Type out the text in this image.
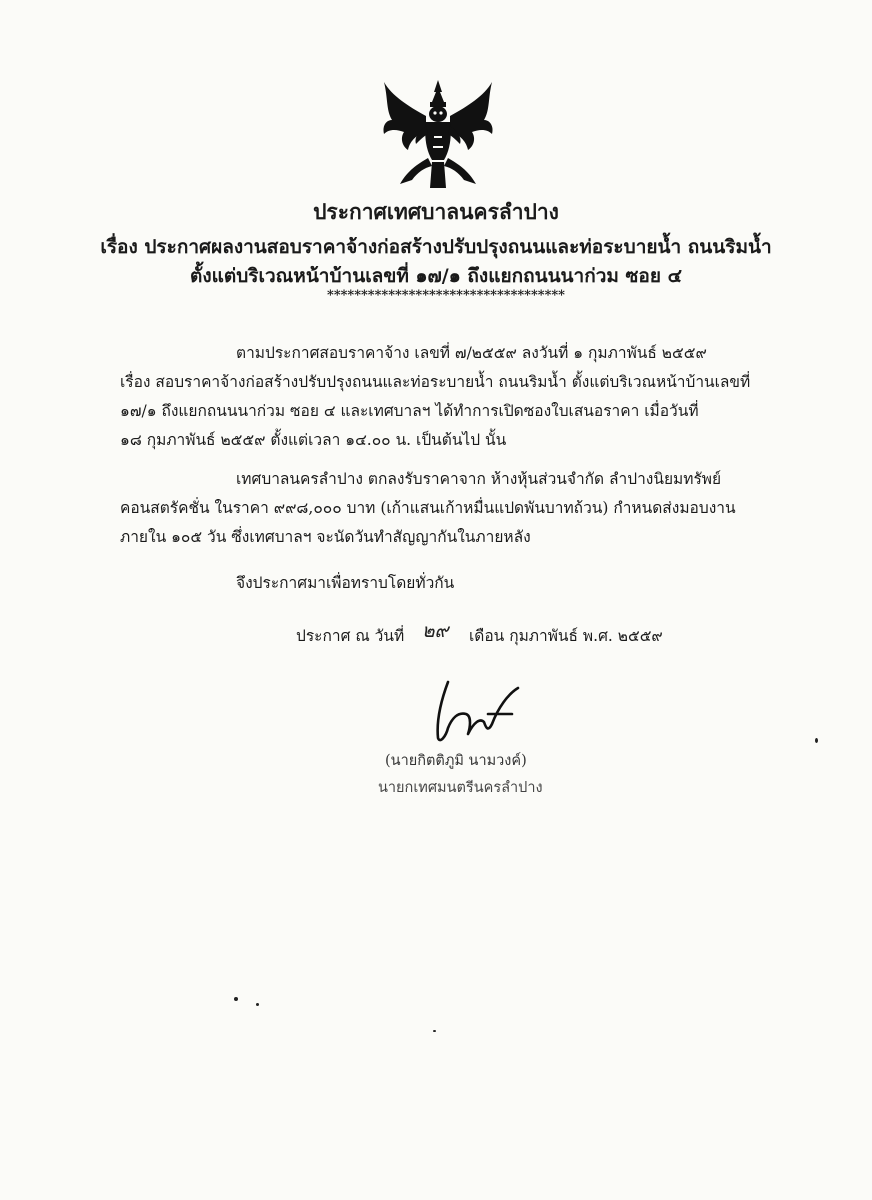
ประกาศเทศบาลนครลำปาง
เรื่อง ประกาศผลงานสอบราคาจ้างก่อสร้างปรับปรุงถนนและท่อระบายน้ำ ถนนริมน้ำ
ตั้งแต่บริเวณหน้าบ้านเลขที่ ๑๗/๑ ถึงแยกถนนนาก่วม ซอย ๔
***********************************
ตามประกาศสอบราคาจ้าง เลขที่ ๗/๒๕๕๙ ลงวันที่ ๑ กุมภาพันธ์ ๒๕๕๙
เรื่อง สอบราคาจ้างก่อสร้างปรับปรุงถนนและท่อระบายน้ำ ถนนริมน้ำ ตั้งแต่บริเวณหน้าบ้านเลขที่
๑๗/๑ ถึงแยกถนนนาก่วม ซอย ๔ และเทศบาลฯ ได้ทำการเปิดซองใบเสนอราคา เมื่อวันที่
๑๘ กุมภาพันธ์ ๒๕๕๙ ตั้งแต่เวลา ๑๔.๐๐ น. เป็นต้นไป นั้น
เทศบาลนครลำปาง ตกลงรับราคาจาก ห้างหุ้นส่วนจำกัด ลำปางนิยมทรัพย์
คอนสตรัคชั่น ในราคา ๙๙๘,๐๐๐ บาท (เก้าแสนเก้าหมื่นแปดพันบาทถ้วน) กำหนดส่งมอบงาน
ภายใน ๑๐๕ วัน ซึ่งเทศบาลฯ จะนัดวันทำสัญญากันในภายหลัง
จึงประกาศมาเพื่อทราบโดยทั่วกัน
ประกาศ ณ วันที่ ๒๙ เดือน กุมภาพันธ์ พ.ศ. ๒๕๕๙
(นายกิตติภูมิ นามวงค์)
นายกเทศมนตรีนครลำปาง
